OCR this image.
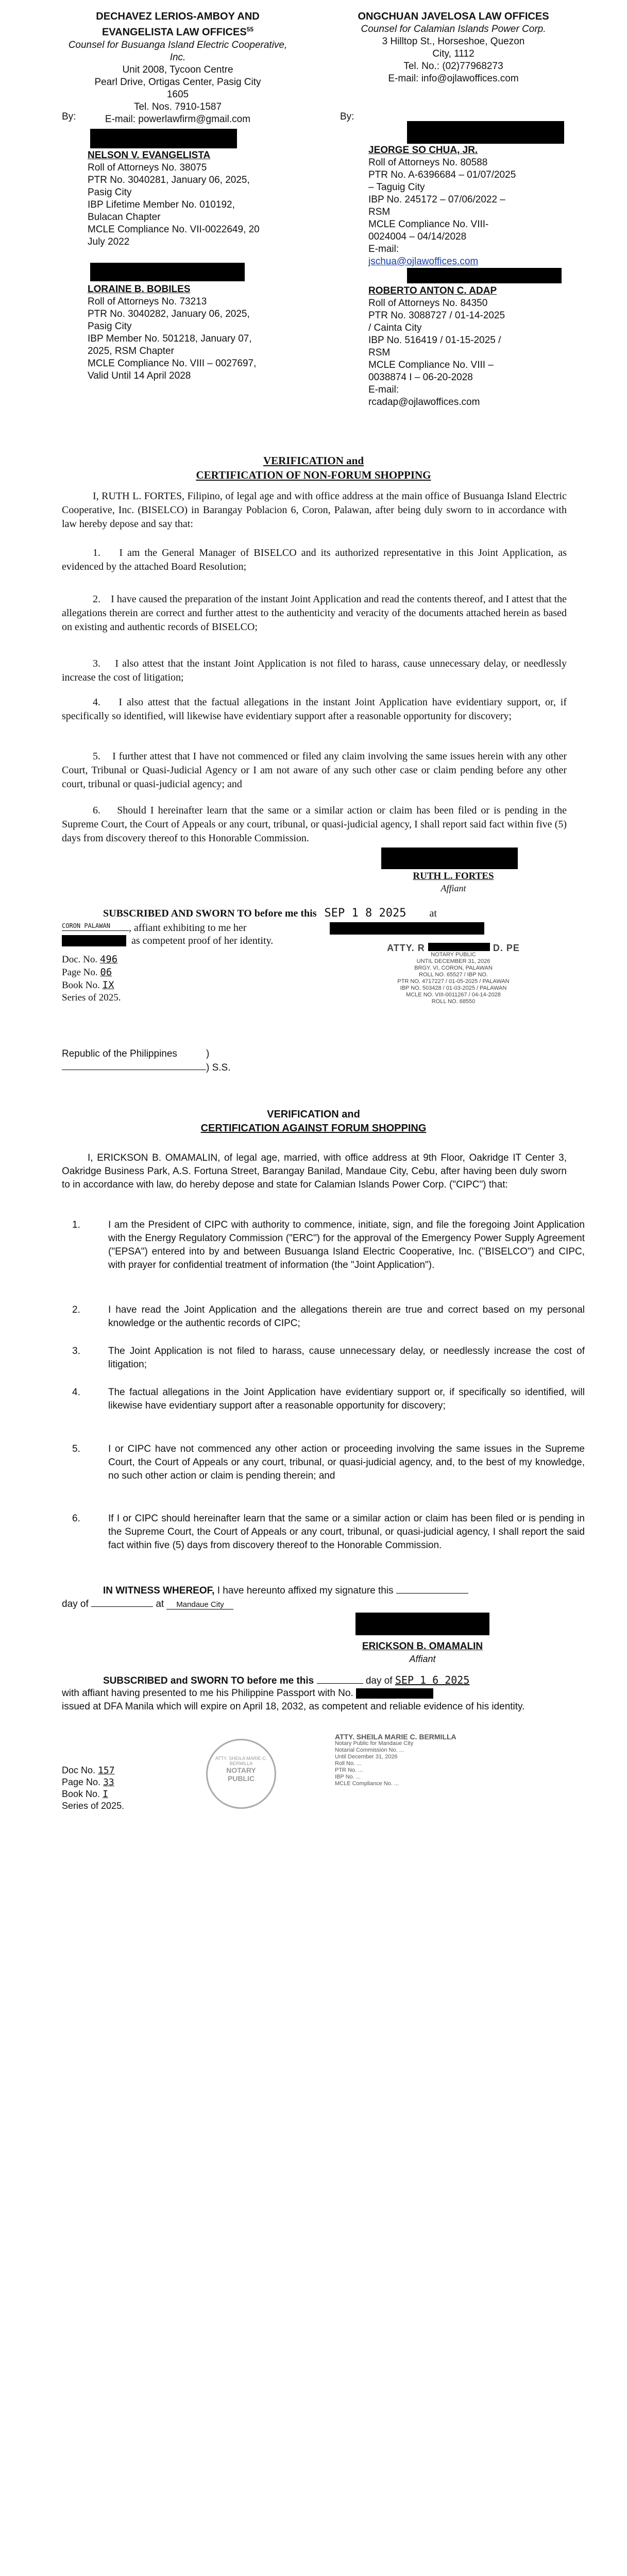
DECHAVEZ LERIOS-AMBOY AND EVANGELISTA LAW OFFICES$^{55}$
Counsel for Busuanga Island Electric Cooperative, Inc.
Unit 2008, Tycoon Centre
Pearl Drive, Ortigas Center, Pasig City
1605
Tel. Nos. 7910-1587
E-mail: powerlawfirm@gmail.com
ONGCHUAN JAVELOSA LAW OFFICES
Counsel for Calamian Islands Power Corp.
3 Hilltop St., Horseshoe, Quezon
City, 1112
Tel. No.: (02)77968273
E-mail: info@ojlawoffices.com
By:	By:
NELSON V. EVANGELISTA
Roll of Attorneys No. 38075
PTR No. 3040281, January 06, 2025,
Pasig City
IBP Lifetime Member No. 010192,
Bulacan Chapter
MCLE Compliance No. VII-0022649, 20
July 2022
JEORGE SO CHUA, JR.
Roll of Attorneys No. 80588
PTR No. A-6396684 – 01/07/2025
– Taguig City
IBP No. 245172 – 07/06/2022 –
RSM
MCLE Compliance No. VIII-
0024004 – 04/14/2028
E-mail:
jschua@ojlawoffices.com
LORAINE B. BOBILES
Roll of Attorneys No. 73213
PTR No. 3040282, January 06, 2025,
Pasig City
IBP Member No. 501218, January 07,
2025, RSM Chapter
MCLE Compliance No. VIII – 0027697,
Valid Until 14 April 2028
ROBERTO ANTON C. ADAP
Roll of Attorneys No. 84350
PTR No. 3088727 / 01-14-2025
/ Cainta City
IBP No. 516419 / 01-15-2025 /
RSM
MCLE Compliance No. VIII –
0038874 I – 06-20-2028
E-mail:
rcadap@ojlawoffices.com
VERIFICATION and
CERTIFICATION OF NON-FORUM SHOPPING
I, RUTH L. FORTES, Filipino, of legal age and with office address at the main office of Busuanga Island Electric Cooperative, Inc. (BISELCO) in Barangay Poblacion 6, Coron, Palawan, after being duly sworn to in accordance with law hereby depose and say that:
1.    I am the General Manager of BISELCO and its authorized representative in this Joint Application, as evidenced by the attached Board Resolution;
2.    I have caused the preparation of the instant Joint Application and read the contents thereof, and I attest that the allegations therein are correct and further attest to the authenticity and veracity of the documents attached herein as based on existing and authentic records of BISELCO;
3.    I also attest that the instant Joint Application is not filed to harass, cause unnecessary delay, or needlessly increase the cost of litigation;
4.    I also attest that the factual allegations in the instant Joint Application have evidentiary support, or, if specifically so identified, will likewise have evidentiary support after a reasonable opportunity for discovery;
5.    I further attest that I have not commenced or filed any claim involving the same issues herein with any other Court, Tribunal or Quasi-Judicial Agency or I am not aware of any such other case or claim pending before any other court, tribunal or quasi-judicial agency; and
6.    Should I hereinafter learn that the same or a similar action or claim has been filed or is pending in the Supreme Court, the Court of Appeals or any court, tribunal, or quasi-judicial agency, I shall report said fact within five (5) days from discovery thereof to this Honorable Commission.
RUTH L. FORTES
Affiant
SUBSCRIBED AND SWORN TO before me this SEP 1 8 2025 at
CORON PALAWAN , affiant exhibiting to me her
as competent proof of her identity.
Doc. No. 496
Page No. 06
Book No. IX
Series of 2025.
ATTY. R	D. PE
NOTARY PUBLIC
UNTIL DECEMBER 31, 2026
BRGY. VI, CORON, PALAWAN
ROLL NO. 65527 / IBP NO.
PTR NO. 4717227 / 01-05-2025 / PALAWAN
IBP NO. 503428 / 01-03-2025 / PALAWAN
MCLE NO. VIII-0011267 / 04-14-2028
ROLL NO. 68550
Republic of the Philippines	)
) S.S.
VERIFICATION and
CERTIFICATION AGAINST FORUM SHOPPING
I, ERICKSON B. OMAMALIN, of legal age, married, with office address at 9th Floor, Oakridge IT Center 3, Oakridge Business Park, A.S. Fortuna Street, Barangay Banilad, Mandaue City, Cebu, after having been duly sworn to in accordance with law, do hereby depose and state for Calamian Islands Power Corp. ("CIPC") that:
1.	I am the President of CIPC with authority to commence, initiate, sign, and file the foregoing Joint Application with the Energy Regulatory Commission ("ERC") for the approval of the Emergency Power Supply Agreement ("EPSA") entered into by and between Busuanga Island Electric Cooperative, Inc. ("BISELCO") and CIPC, with prayer for confidential treatment of information (the "Joint Application").
2.	I have read the Joint Application and the allegations therein are true and correct based on my personal knowledge or the authentic records of CIPC;
3.	The Joint Application is not filed to harass, cause unnecessary delay, or needlessly increase the cost of litigation;
4.	The factual allegations in the Joint Application have evidentiary support or, if specifically so identified, will likewise have evidentiary support after a reasonable opportunity for discovery;
5.	I or CIPC have not commenced any other action or proceeding involving the same issues in the Supreme Court, the Court of Appeals or any court, tribunal, or quasi-judicial agency, and, to the best of my knowledge, no such other action or claim is pending therein; and
6.	If I or CIPC should hereinafter learn that the same or a similar action or claim has been filed or is pending in the Supreme Court, the Court of Appeals or any court, tribunal, or quasi-judicial agency, I shall report the said fact within five (5) days from discovery thereof to the Honorable Commission.
IN WITNESS WHEREOF, I have hereunto affixed my signature this
day of	at Mandaue City
ERICKSON B. OMAMALIN
Affiant
SUBSCRIBED and SWORN TO before me this	day of SEP 1 6 2025
with affiant having presented to me his Philippine Passport with No.
issued at DFA Manila which will expire on April 18, 2032, as competent and reliable evidence of his identity.
ATTY. SHEILA MARIE C. BERMILLA
NOTARY
PUBLIC
Doc No. 157
Page No. 33
Book No. I
Series of 2025.
ATTY. SHEILA MARIE C. BERMILLA
Notary Public for Mandaue City
Notarial Commission No. ...
Until December 31, 2026
Roll No. ...
PTR No. ...
IBP No. ...
MCLE Compliance No. ...
